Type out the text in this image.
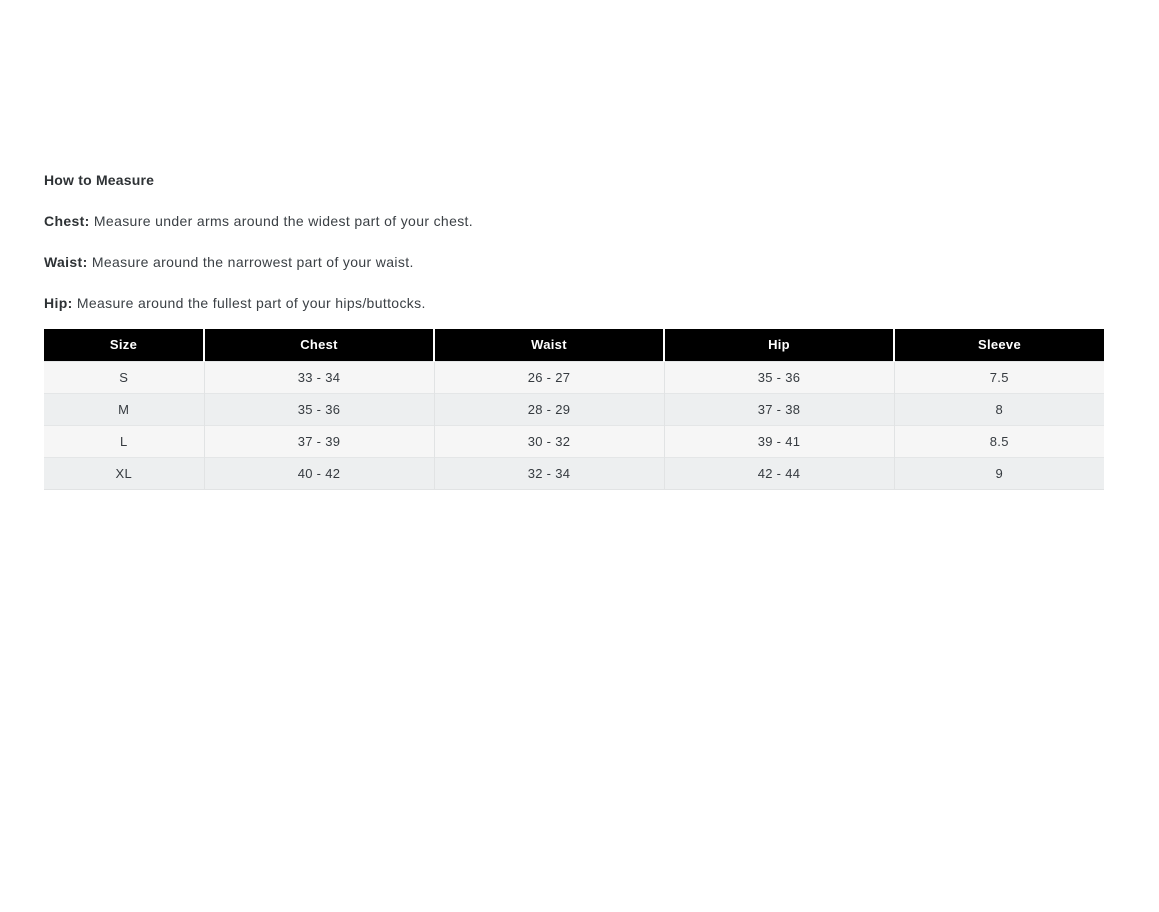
How to Measure

Chest: Measure under arms around the widest part of your chest.

Waist: Measure around the narrowest part of your waist.

Hip: Measure around the fullest part of your hips/buttocks.

Size	Chest	Waist	Hip	Sleeve
S	33 - 34	26 - 27	35 - 36	7.5
M	35 - 36	28 - 29	37 - 38	8
L	37 - 39	30 - 32	39 - 41	8.5
XL	40 - 42	32 - 34	42 - 44	9
